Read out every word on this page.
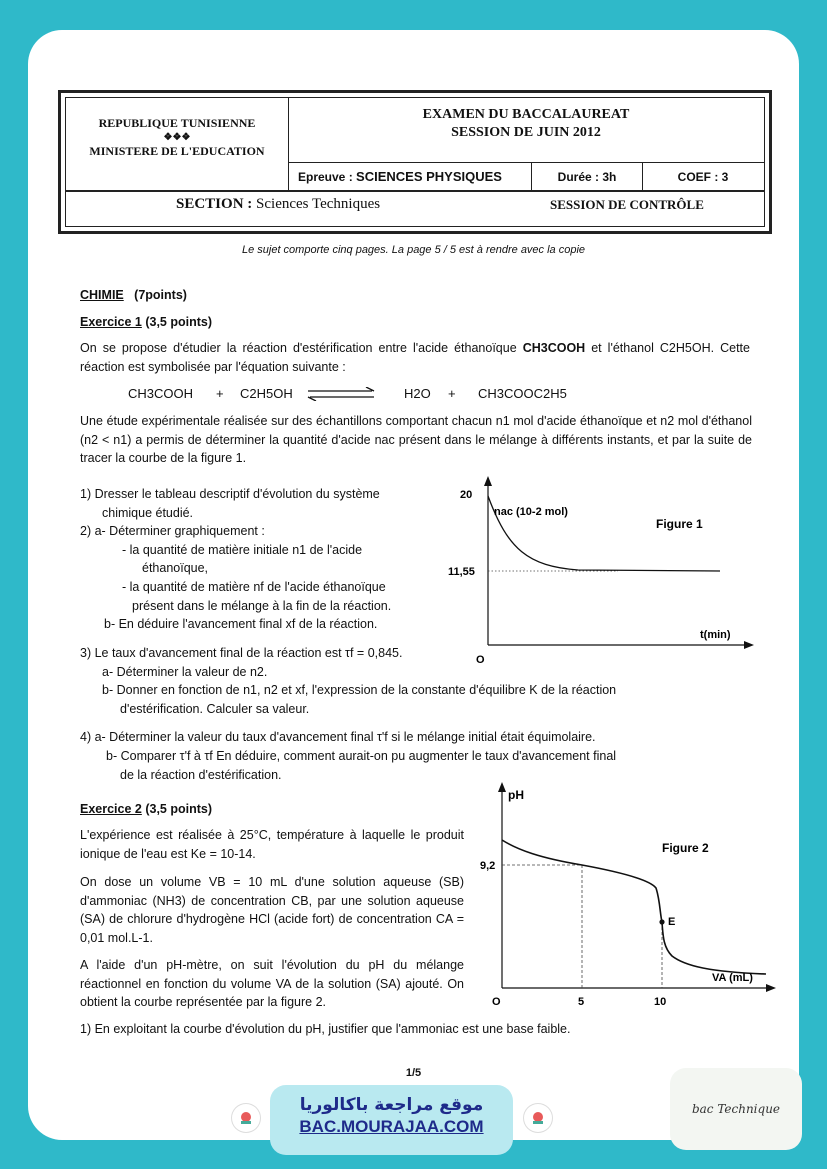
REPUBLIQUE TUNISIENNE
❖❖❖
MINISTERE DE L'EDUCATION
EXAMEN DU BACCALAUREAT
SESSION DE JUIN 2012
Epreuve : SCIENCES PHYSIQUES	Durée : 3h	COEF : 3
SECTION : Sciences Techniques	SESSION DE CONTRÔLE
Le sujet comporte cinq pages. La page 5 / 5 est à rendre avec la copie
CHIMIE (7points)
Exercice 1 (3,5 points)
On se propose d'étudier la réaction d'estérification entre l'acide éthanoïque CH3COOH et l'éthanol C2H5OH. Cette réaction est symbolisée par l'équation suivante :
CH3COOH + C2H5OH	H2O + CH3COOC2H5
Une étude expérimentale réalisée sur des échantillons comportant chacun n1 mol d'acide éthanoïque et n2 mol d'éthanol (n2 < n1) a permis de déterminer la quantité d'acide nac présent dans le mélange à différents instants, et par la suite de tracer la courbe de la figure 1.
1) Dresser le tableau descriptif d'évolution du système
chimique étudié.
2) a- Déterminer graphiquement :
- la quantité de matière initiale n1 de l'acide
éthanoïque,
- la quantité de matière nf de l'acide éthanoïque
présent dans le mélange à la fin de la réaction.
b- En déduire l'avancement final xf de la réaction.
3) Le taux d'avancement final de la réaction est τf = 0,845.
a- Déterminer la valeur de n2.
b- Donner en fonction de n1, n2 et xf, l'expression de la constante d'équilibre K de la réaction
d'estérification. Calculer sa valeur.
4) a- Déterminer la valeur du taux d'avancement final τ'f si le mélange initial était équimolaire.
b- Comparer τ'f à τf En déduire, comment aurait-on pu augmenter le taux d'avancement final
de la réaction d'estérification.
nac (10-2 mol)
20
11,55
O
t(min)
Figure 1
Exercice 2 (3,5 points)
L'expérience est réalisée à 25°C, température à laquelle le produit ionique de l'eau est Ke = 10-14.
On dose un volume VB = 10 mL d'une solution aqueuse (SB) d'ammoniac (NH3) de concentration CB, par une solution aqueuse (SA) de chlorure d'hydrogène HCl (acide fort) de concentration CA = 0,01 mol.L-1.
A l'aide d'un pH-mètre, on suit l'évolution du pH du mélange réactionnel en fonction du volume VA de la solution (SA) ajouté. On obtient la courbe représentée par la figure 2.
1) En exploitant la courbe d'évolution du pH, justifier que l'ammoniac est une base faible.
pH
9,2
O	5	10
E
VA (mL)
Figure 2
1/5
موقع مراجعة باكالوريا
BAC.MOURAJAA.COM
bac Technique
